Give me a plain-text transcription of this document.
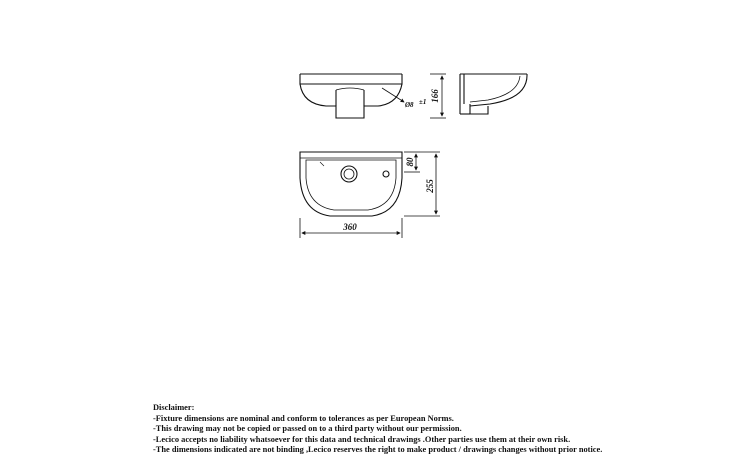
Ø8 ±1 166
80
255
360
Disclaimer:
-Fixture dimensions are nominal and conform to tolerances as per European Norms.
-This drawing may not be copied or passed on to a third party without our permission.
-Lecico accepts no liability whatsoever for this data and technical drawings .Other parties use them at their own risk.
-The dimensions indicated are not binding ,Lecico reserves the right to make product / drawings changes without prior notice.
